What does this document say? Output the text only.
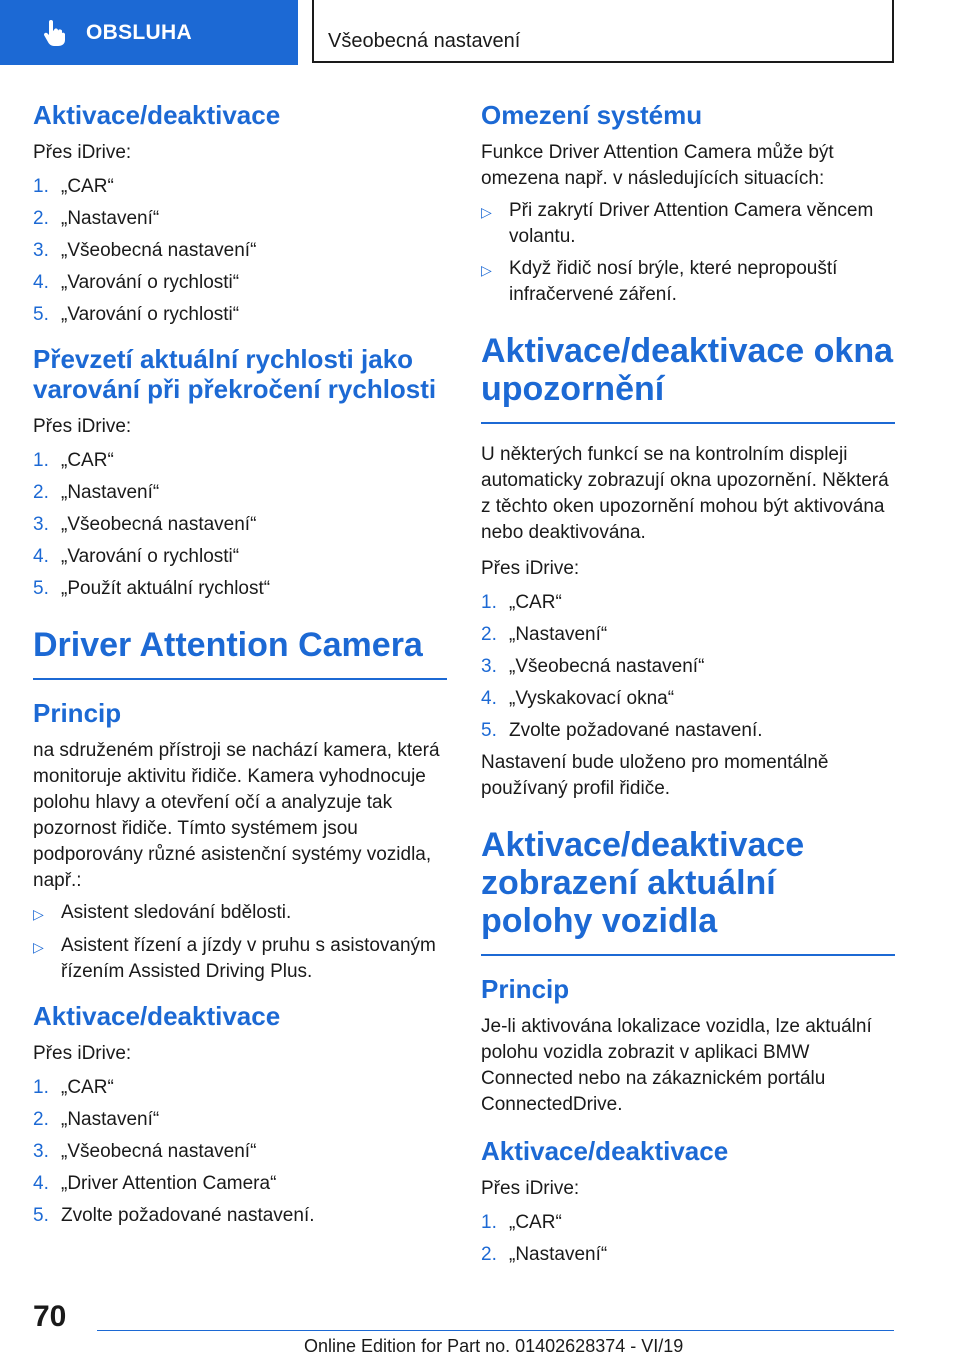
OBSLUHA	Všeobecná nastavení
Aktivace/deaktivace

Přes iDrive:

1. „CAR“
2. „Nastavení“
3. „Všeobecná nastavení“
4. „Varování o rychlosti“
5. „Varování o rychlosti“
Převzetí aktuální rychlosti jako varování při překročení rychlosti

Přes iDrive:

1. „CAR“
2. „Nastavení“
3. „Všeobecná nastavení“
4. „Varování o rychlosti“
5. „Použít aktuální rychlost“
Driver Attention Camera
Princip

na sdruženém přístroji se nachází kamera, která monitoruje aktivitu řidiče. Kamera vyhodnocuje polohu hlavy a otevření očí a analyzuje tak pozornost řidiče. Tímto systémem jsou podporovány různé asistenční systémy vozidla, např.:

▷ Asistent sledování bdělosti.
▷ Asistent řízení a jízdy v pruhu s asistovaným řízením Assisted Driving Plus.
Aktivace/deaktivace

Přes iDrive:

1. „CAR“
2. „Nastavení“
3. „Všeobecná nastavení“
4. „Driver Attention Camera“
5. Zvolte požadované nastavení.
Omezení systému

Funkce Driver Attention Camera může být omezena např. v následujících situacích:

▷ Při zakrytí Driver Attention Camera věncem volantu.
▷ Když řidič nosí brýle, které nepropouští infračervené záření.
Aktivace/deaktivace okna upozornění

U některých funkcí se na kontrolním displeji automaticky zobrazují okna upozornění. Některá z těchto oken upozornění mohou být aktivována nebo deaktivována.

Přes iDrive:

1. „CAR“
2. „Nastavení“
3. „Všeobecná nastavení“
4. „Vyskakovací okna“
5. Zvolte požadované nastavení.

Nastavení bude uloženo pro momentálně používaný profil řidiče.

Aktivace/deaktivace zobrazení aktuální polohy vozidla
Princip

Je-li aktivována lokalizace vozidla, lze aktuální polohu vozidla zobrazit v aplikaci BMW Connected nebo na zákaznickém portálu ConnectedDrive.

Aktivace/deaktivace

Přes iDrive:

1. „CAR“
2. „Nastavení“
70
Online Edition for Part no. 01402628374 - VI/19
